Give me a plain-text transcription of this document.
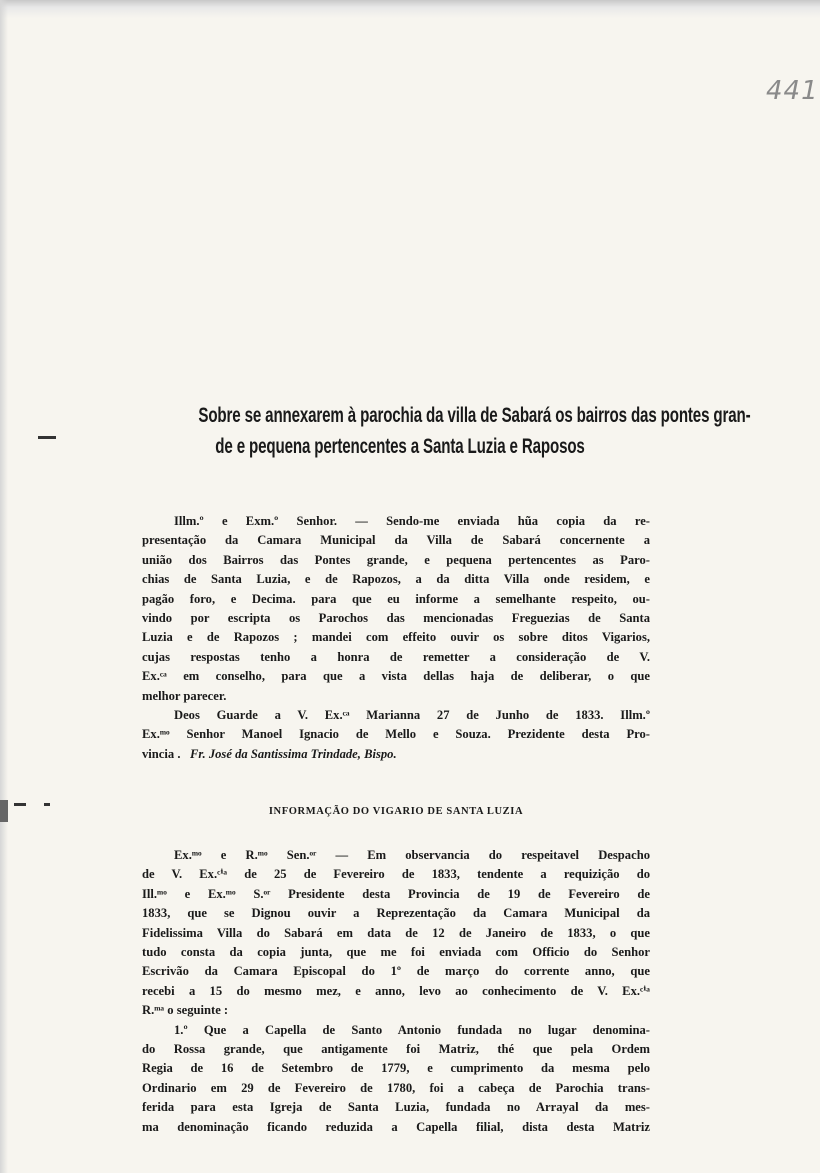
441
Sobre se annexarem à parochia da villa de Sabará os bairros das pontes gran-
de e pequena pertencentes a Santa Luzia e Raposos
Illm.º e Exm.º Senhor. — Sendo-me enviada hũa copia da re-
presentação da Camara Municipal da Villa de Sabará concernente a
união dos Bairros das Pontes grande, e pequena pertencentes as Paro-
chias de Santa Luzia, e de Rapozos, a da ditta Villa onde residem, e
pagão foro, e Decima. para que eu informe a semelhante respeito, ou-
vindo por escripta os Parochos das mencionadas Freguezias de Santa
Luzia e de Rapozos ; mandei com effeito ouvir os sobre ditos Vigarios,
cujas respostas tenho a honra de remetter a consideração de V.
Ex.ᶜᵃ em conselho, para que a vista dellas haja de deliberar, o que
melhor parecer.
Deos Guarde a V. Ex.ᶜᵃ Marianna 27 de Junho de 1833. Illm.º
Ex.ᵐᵒ Senhor Manoel Ignacio de Mello e Souza. Prezidente desta Pro-
vincia . Fr. José da Santissima Trindade, Bispo.
INFORMAÇÃO DO VIGARIO DE SANTA LUZIA
Ex.ᵐᵒ e R.ᵐᵒ Sen.ᵒʳ — Em observancia do respeitavel Despacho
de V. Ex.ᶜⁱᵃ de 25 de Fevereiro de 1833, tendente a requizição do
Ill.ᵐᵒ e Ex.ᵐᵒ S.ᵒʳ Presidente desta Provincia de 19 de Fevereiro de
1833, que se Dignou ouvir a Reprezentação da Camara Municipal da
Fidelissima Villa do Sabará em data de 12 de Janeiro de 1833, o que
tudo consta da copia junta, que me foi enviada com Officio do Senhor
Escrivão da Camara Episcopal do 1º de março do corrente anno, que
recebi a 15 do mesmo mez, e anno, levo ao conhecimento de V. Ex.ᶜⁱᵃ
R.ᵐᵃ o seguinte :
1.º Que a Capella de Santo Antonio fundada no lugar denomina-
do Rossa grande, que antigamente foi Matriz, thé que pela Ordem
Regia de 16 de Setembro de 1779, e cumprimento da mesma pelo
Ordinario em 29 de Fevereiro de 1780, foi a cabeça de Parochia trans-
ferida para esta Igreja de Santa Luzia, fundada no Arrayal da mes-
ma denominação ficando reduzida a Capella filial, dista desta Matriz
